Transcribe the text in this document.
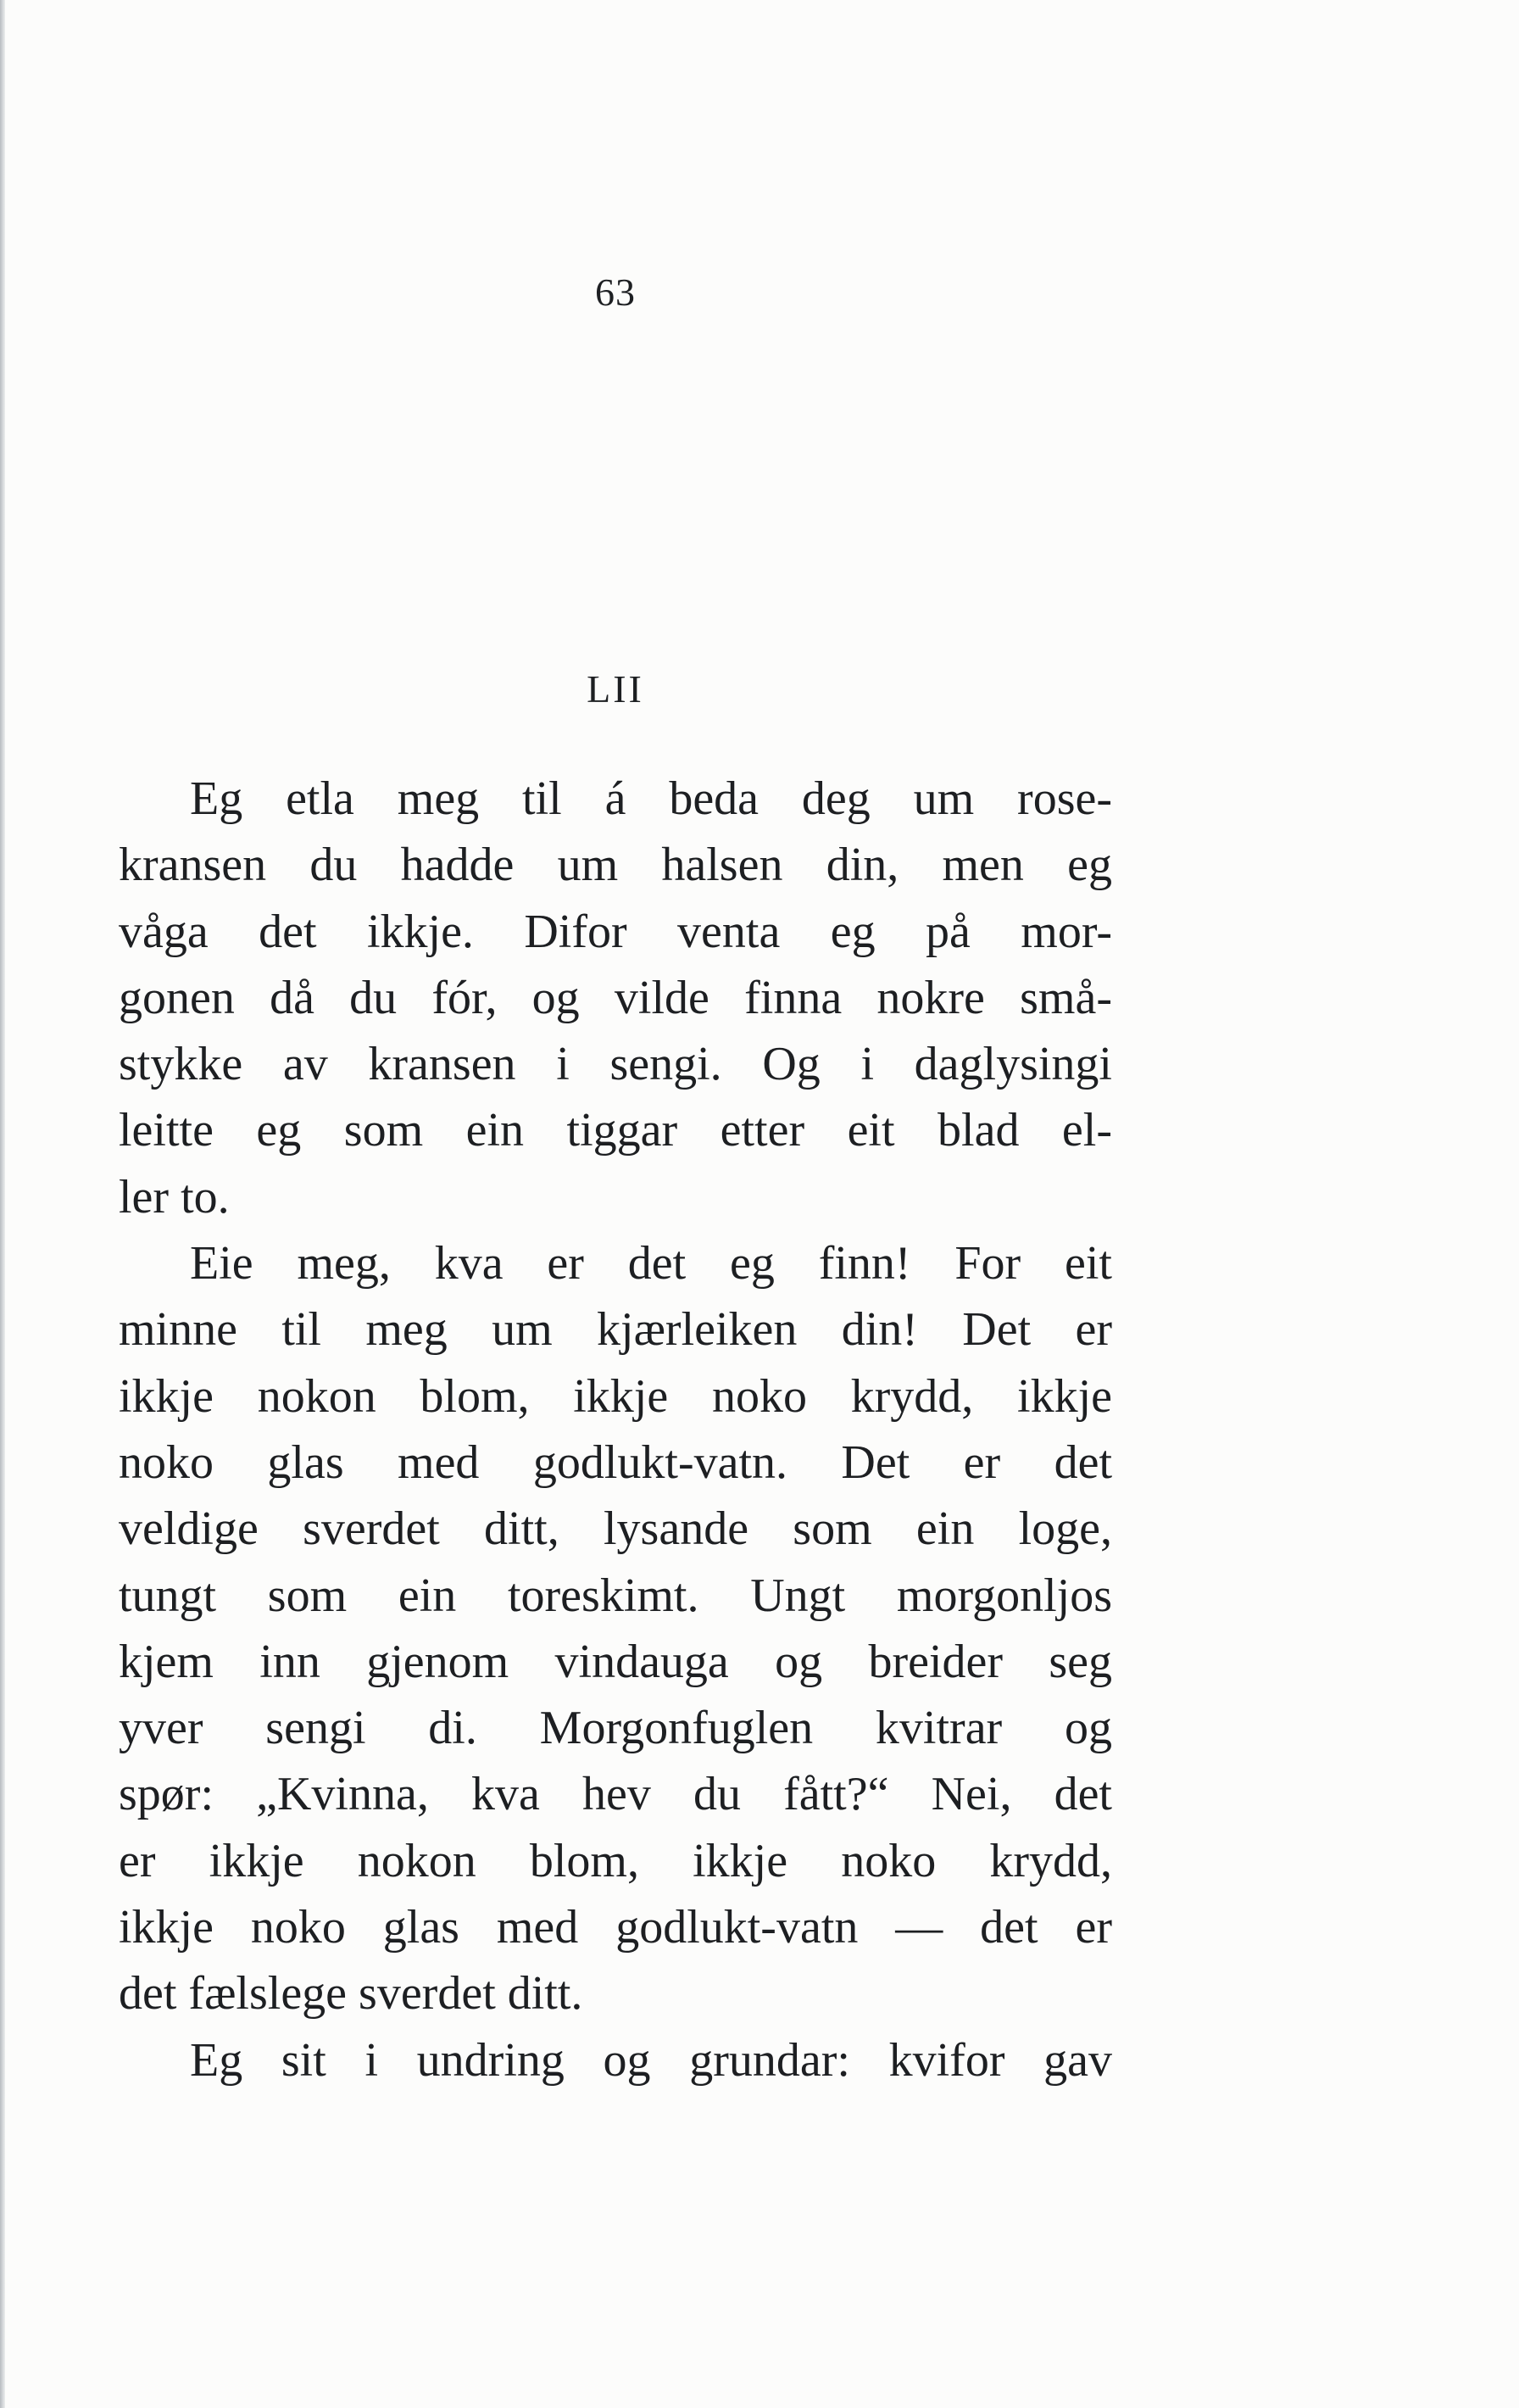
63
LII

Eg etla meg til á beda deg um rose-
kransen du hadde um halsen din, men eg
våga det ikkje. Difor venta eg på mor-
gonen då du fór, og vilde finna nokre små-
stykke av kransen i sengi. Og i daglysingi
leitte eg som ein tiggar etter eit blad el-
ler to.

Eie meg, kva er det eg finn! For eit
minne til meg um kjærleiken din! Det er
ikkje nokon blom, ikkje noko krydd, ikkje
noko glas med godlukt-vatn. Det er det
veldige sverdet ditt, lysande som ein loge,
tungt som ein toreskimt. Ungt morgonljos
kjem inn gjenom vindauga og breider seg
yver sengi di. Morgonfuglen kvitrar og
spør: „Kvinna, kva hev du fått?“ Nei, det
er ikkje nokon blom, ikkje noko krydd,
ikkje noko glas med godlukt-vatn — det er
det fælslege sverdet ditt.

Eg sit i undring og grundar: kvifor gav
